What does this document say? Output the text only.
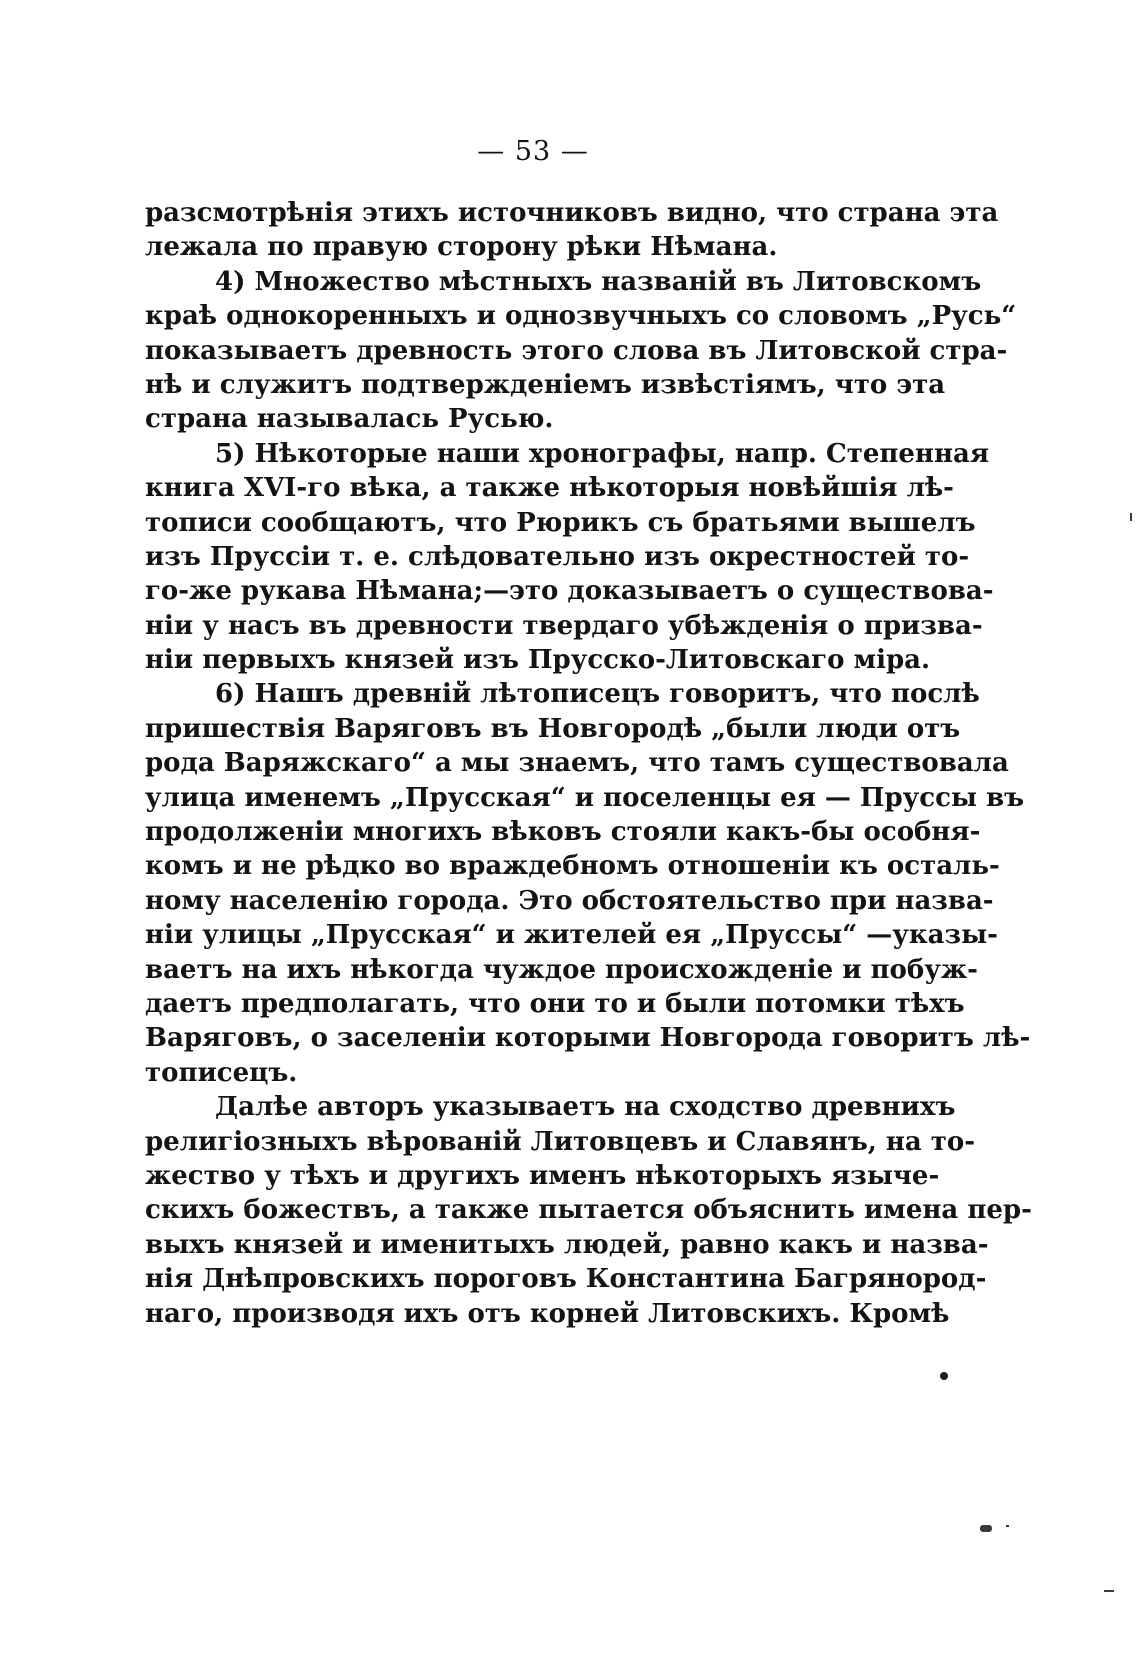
— 53 —
разсмотрѣнія этихъ источниковъ видно, что страна эта
лежала по правую сторону рѣки Нѣмана.
4) Множество мѣстныхъ названій въ Литовскомъ
краѣ однокоренныхъ и однозвучныхъ со словомъ „Русь“
показываетъ древность этого слова въ Литовской стра-
нѣ и служитъ подтвержденіемъ извѣстіямъ, что эта
страна называлась Русью.
5) Нѣкоторые наши хронографы, напр. Степенная
книга XVI-го вѣка, а также нѣкоторыя новѣйшія лѣ-
тописи сообщаютъ, что Рюрикъ съ братьями вышелъ
изъ Пруссіи т. е. слѣдовательно изъ окрестностей то-
го-же рукава Нѣмана;—это доказываетъ о существова-
ніи у насъ въ древности твердаго убѣжденія о призва-
ніи первыхъ князей изъ Прусско-Литовскаго міра.
6) Нашъ древній лѣтописецъ говоритъ, что послѣ
пришествія Варяговъ въ Новгородѣ „были люди отъ
рода Варяжскаго“ а мы знаемъ, что тамъ существовала
улица именемъ „Прусская“ и поселенцы ея — Пруссы въ
продолженіи многихъ вѣковъ стояли какъ-бы особня-
комъ и не рѣдко во враждебномъ отношеніи къ осталь-
ному населенію города. Это обстоятельство при назва-
ніи улицы „Прусская“ и жителей ея „Пруссы“ —указы-
ваетъ на ихъ нѣкогда чуждое происхожденіе и побуж-
даетъ предполагать, что они то и были потомки тѣхъ
Варяговъ, о заселеніи которыми Новгорода говоритъ лѣ-
тописецъ.
Далѣе авторъ указываетъ на сходство древнихъ
религіозныхъ вѣрованій Литовцевъ и Славянъ, на то-
жество у тѣхъ и другихъ именъ нѣкоторыхъ языче-
скихъ божествъ, а также пытается объяснить имена пер-
выхъ князей и именитыхъ людей, равно какъ и назва-
нія Днѣпровскихъ пороговъ Константина Багрянород-
наго, производя ихъ отъ корней Литовскихъ. Кромѣ
